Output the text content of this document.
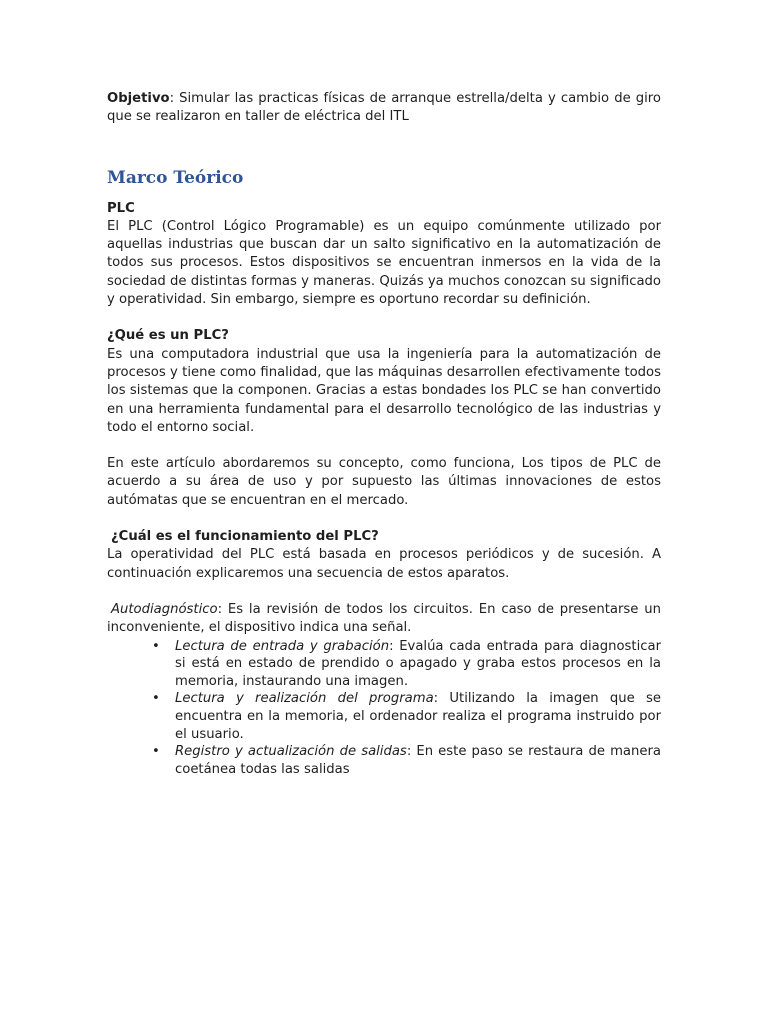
Objetivo: Simular las practicas físicas de arranque estrella/delta y cambio de giro que se realizaron en taller de eléctrica del ITL

Marco Teórico

PLC

El PLC (Control Lógico Programable) es un equipo comúnmente utilizado por aquellas industrias que buscan dar un salto significativo en la automatización de todos sus procesos. Estos dispositivos se encuentran inmersos en la vida de la sociedad de distintas formas y maneras. Quizás ya muchos conozcan su significado y operatividad. Sin embargo, siempre es oportuno recordar su definición.

¿Qué es un PLC?

Es una computadora industrial que usa la ingeniería para la automatización de procesos y tiene como finalidad, que las máquinas desarrollen efectivamente todos los sistemas que la componen. Gracias a estas bondades los PLC se han convertido en una herramienta fundamental para el desarrollo tecnológico de las industrias y todo el entorno social.

En este artículo abordaremos su concepto, como funciona, Los tipos de PLC de acuerdo a su área de uso y por supuesto las últimas innovaciones de estos autómatas que se encuentran en el mercado.

¿Cuál es el funcionamiento del PLC?

La operatividad del PLC está basada en procesos periódicos y de sucesión. A continuación explicaremos una secuencia de estos aparatos.

Autodiagnóstico: Es la revisión de todos los circuitos. En caso de presentarse un inconveniente, el dispositivo indica una señal.

• Lectura de entrada y grabación: Evalúa cada entrada para diagnosticar si está en estado de prendido o apagado y graba estos procesos en la memoria, instaurando una imagen.
• Lectura y realización del programa: Utilizando la imagen que se encuentra en la memoria, el ordenador realiza el programa instruido por el usuario.
• Registro y actualización de salidas: En este paso se restaura de manera coetánea todas las salidas
